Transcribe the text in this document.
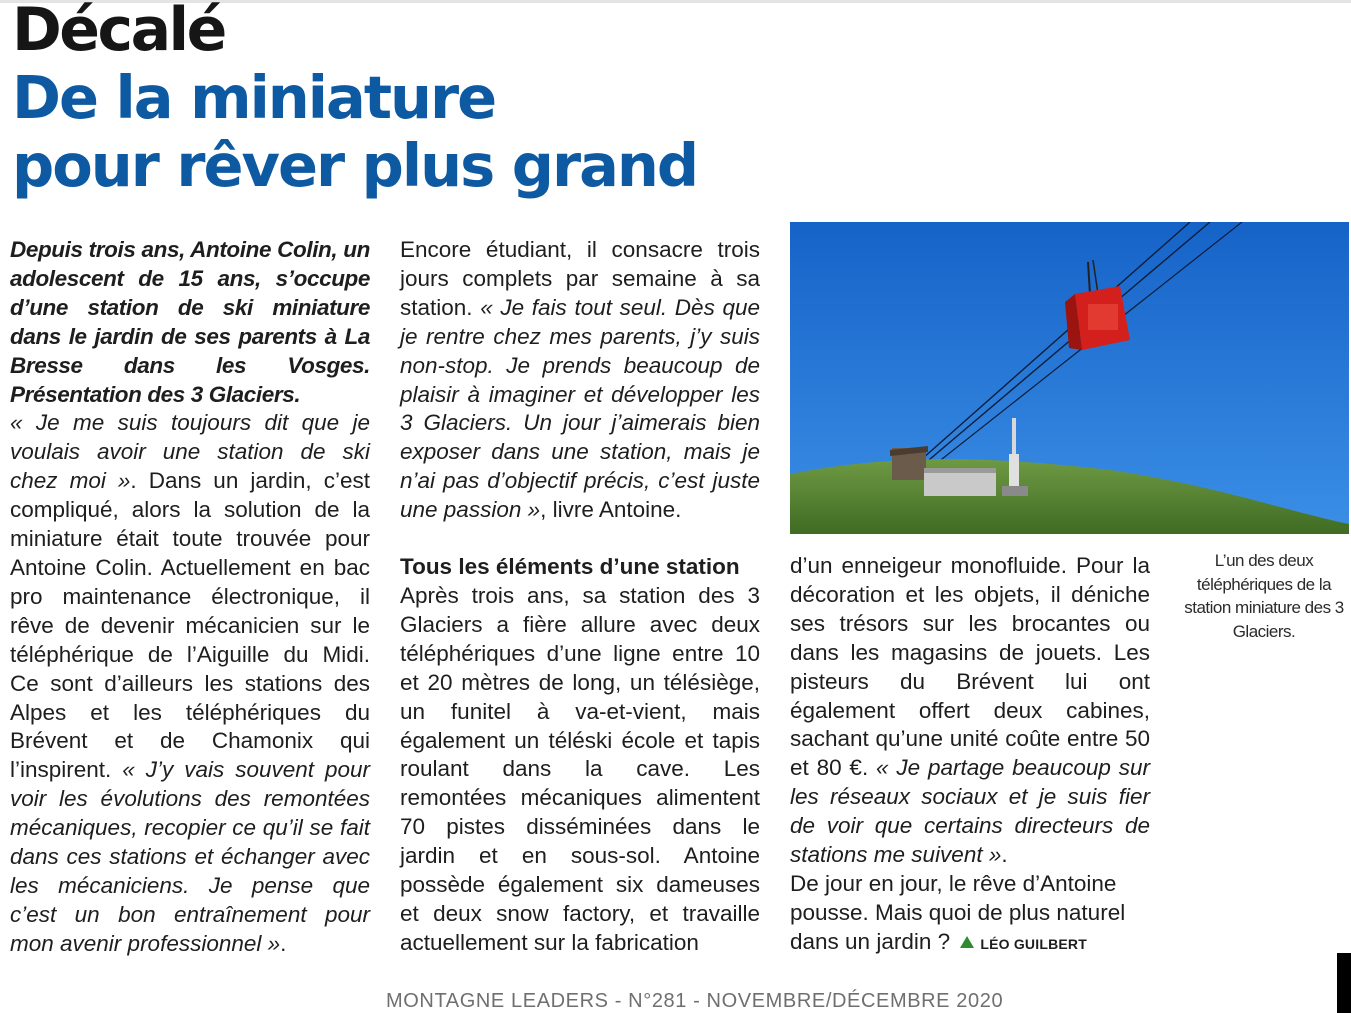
Décalé
De la miniature
pour rêver plus grand

Depuis trois ans, Antoine Colin, un adolescent de 15 ans, s’occupe d’une station de ski miniature dans le jardin de ses parents à La Bresse dans les Vosges. Présentation des 3 Glaciers.

« Je me suis toujours dit que je voulais avoir une station de ski chez moi ». Dans un jardin, c’est compliqué, alors la solution de la miniature était toute trouvée pour Antoine Colin. Actuellement en bac pro maintenance électronique, il rêve de devenir mécanicien sur le téléphérique de l’Aiguille du Midi. Ce sont d’ailleurs les stations des Alpes et les téléphériques du Brévent et de Chamonix qui l’inspirent. « J’y vais souvent pour voir les évolutions des remontées mécaniques, recopier ce qu’il se fait dans ces stations et échanger avec les mécaniciens. Je pense que c’est un bon entraînement pour mon avenir professionnel ».

Encore étudiant, il consacre trois jours complets par semaine à sa station. « Je fais tout seul. Dès que je rentre chez mes parents, j’y suis non-stop. Je prends beaucoup de plaisir à imaginer et développer les 3 Glaciers. Un jour j’aimerais bien exposer dans une station, mais je n’ai pas d’objectif précis, c’est juste une passion », livre Antoine.

Tous les éléments d’une station

Après trois ans, sa station des 3 Glaciers a fière allure avec deux téléphériques d’une ligne entre 10 et 20 mètres de long, un télésiège, un funitel à va-et-vient, mais également un téléski école et tapis roulant dans la cave. Les remontées mécaniques alimentent 70 pistes disséminées dans le jardin et en sous-sol. Antoine possède également six dameuses et deux snow factory, et travaille actuellement sur la fabrication

d’un enneigeur monofluide. Pour la décoration et les objets, il déniche ses trésors sur les brocantes ou dans les magasins de jouets. Les pisteurs du Brévent lui ont également offert deux cabines, sachant qu’une unité coûte entre 50 et 80 €. « Je partage beaucoup sur les réseaux sociaux et je suis fier de voir que certains directeurs de stations me suivent ».

De jour en jour, le rêve d’Antoine pousse. Mais quoi de plus naturel dans un jardin ? LÉO GUILBERT

L’un des deux téléphériques de la station miniature des 3 Glaciers.
MONTAGNE LEADERS - N°281 - NOVEMBRE/DÉCEMBRE 2020
